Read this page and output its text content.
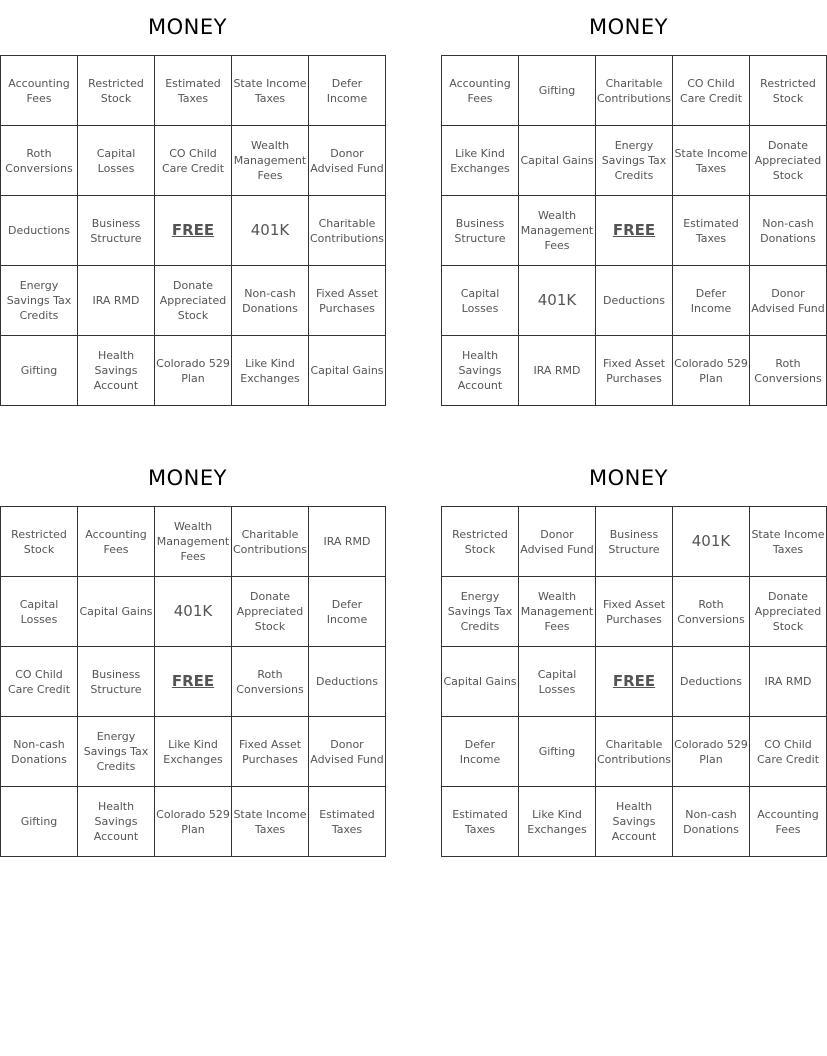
MONEY
Accounting Fees	Restricted Stock	Estimated Taxes	State Income Taxes	Defer Income
Roth Conversions	Capital Losses	CO Child Care Credit	Wealth Management Fees	Donor Advised Fund
Deductions	Business Structure	FREE	401K	Charitable Contributions
Energy Savings Tax Credits	IRA RMD	Donate Appreciated Stock	Non-cash Donations	Fixed Asset Purchases
Gifting	Health Savings Account	Colorado 529 Plan	Like Kind Exchanges	Capital Gains
MONEY
Accounting Fees	Gifting	Charitable Contributions	CO Child Care Credit	Restricted Stock
Like Kind Exchanges	Capital Gains	Energy Savings Tax Credits	State Income Taxes	Donate Appreciated Stock
Business Structure	Wealth Management Fees	FREE	Estimated Taxes	Non-cash Donations
Capital Losses	401K	Deductions	Defer Income	Donor Advised Fund
Health Savings Account	IRA RMD	Fixed Asset Purchases	Colorado 529 Plan	Roth Conversions
MONEY
Restricted Stock	Accounting Fees	Wealth Management Fees	Charitable Contributions	IRA RMD
Capital Losses	Capital Gains	401K	Donate Appreciated Stock	Defer Income
CO Child Care Credit	Business Structure	FREE	Roth Conversions	Deductions
Non-cash Donations	Energy Savings Tax Credits	Like Kind Exchanges	Fixed Asset Purchases	Donor Advised Fund
Gifting	Health Savings Account	Colorado 529 Plan	State Income Taxes	Estimated Taxes
MONEY
Restricted Stock	Donor Advised Fund	Business Structure	401K	State Income Taxes
Energy Savings Tax Credits	Wealth Management Fees	Fixed Asset Purchases	Roth Conversions	Donate Appreciated Stock
Capital Gains	Capital Losses	FREE	Deductions	IRA RMD
Defer Income	Gifting	Charitable Contributions	Colorado 529 Plan	CO Child Care Credit
Estimated Taxes	Like Kind Exchanges	Health Savings Account	Non-cash Donations	Accounting Fees
